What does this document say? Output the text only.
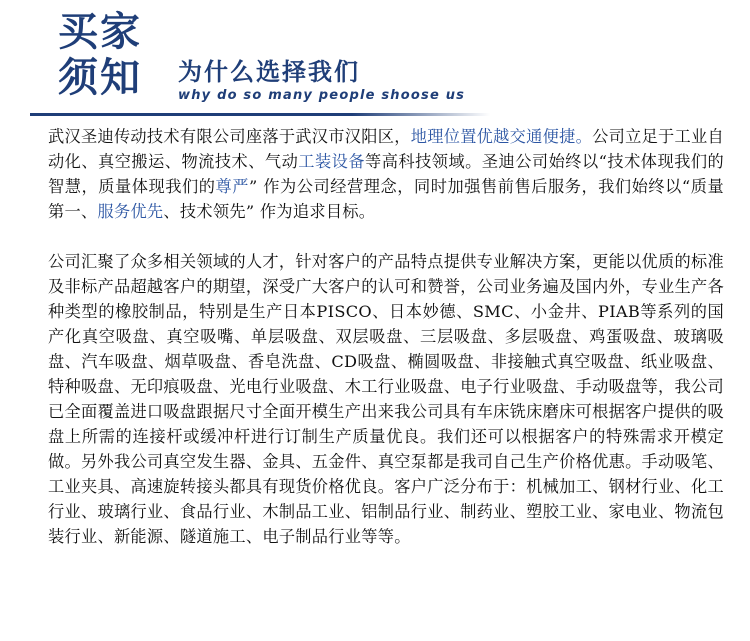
买家
须知 为什么选择我们
why do so many people shoose us

武汉圣迪传动技术有限公司座落于武汉市汉阳区，地理位置优越交通便捷。公司立足于工业自动化、真空搬运、物流技术、气动工装设备等高科技领域。圣迪公司始终以“技术体现我们的智慧，质量体现我们的尊严” 作为公司经营理念，同时加强售前售后服务，我们始终以“质量第一、服务优先、技术领先” 作为追求目标。

公司汇聚了众多相关领域的人才，针对客户的产品特点提供专业解决方案，更能以优质的标准及非标产品超越客户的期望，深受广大客户的认可和赞誉，公司业务遍及国内外，专业生产各种类型的橡胶制品，特别是生产日本PISCO、日本妙德、SMC、小金井、PIAB等系列的国产化真空吸盘、真空吸嘴、单层吸盘、双层吸盘、三层吸盘、多层吸盘、鸡蛋吸盘、玻璃吸盘、汽车吸盘、烟草吸盘、香皂洗盘、CD吸盘、椭圆吸盘、非接触式真空吸盘、纸业吸盘、特种吸盘、无印痕吸盘、光电行业吸盘、木工行业吸盘、电子行业吸盘、手动吸盘等，我公司已全面覆盖进口吸盘跟据尺寸全面开模生产出来我公司具有车床铣床磨床可根据客户提供的吸盘上所需的连接杆或缓冲杆进行订制生产质量优良。我们还可以根据客户的特殊需求开模定做。另外我公司真空发生器、金具、五金件、真空泵都是我司自己生产价格优惠。手动吸笔、工业夹具、高速旋转接头都具有现货价格优良。客户广泛分布于：机械加工、钢材行业、化工行业、玻璃行业、食品行业、木制品工业、铝制品行业、制药业、塑胶工业、家电业、物流包装行业、新能源、隧道施工、电子制品行业等等。
